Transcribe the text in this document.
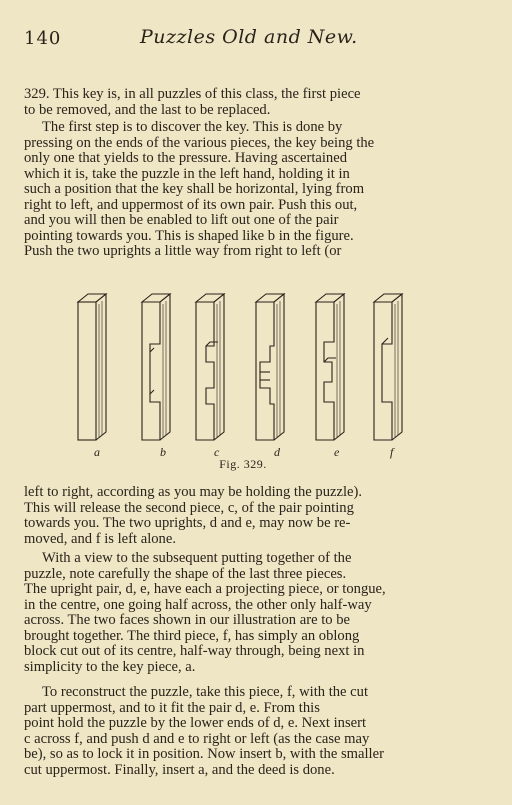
140	Puzzles Old and New.

329. This key is, in all puzzles of this class, the first piece
to be removed, and the last to be replaced.

The first step is to discover the key. This is done by
pressing on the ends of the various pieces, the key being the
only one that yields to the pressure. Having ascertained
which it is, take the puzzle in the left hand, holding it in
such a position that the key shall be horizontal, lying from
right to left, and uppermost of its own pair. Push this out,
and you will then be enabled to lift out one of the pair
pointing towards you. This is shaped like b in the figure.
Push the two uprights a little way from right to left (or

a	b	c	d	e	f
Fig. 329.

left to right, according as you may be holding the puzzle).
This will release the second piece, c, of the pair pointing
towards you. The two uprights, d and e, may now be re-
moved, and f is left alone.

With a view to the subsequent putting together of the
puzzle, note carefully the shape of the last three pieces.
The upright pair, d, e, have each a projecting piece, or tongue,
in the centre, one going half across, the other only half-way
across. The two faces shown in our illustration are to be
brought together. The third piece, f, has simply an oblong
block cut out of its centre, half-way through, being next in
simplicity to the key piece, a.

To reconstruct the puzzle, take this piece, f, with the cut
part uppermost, and to it fit the pair d, e. From this
point hold the puzzle by the lower ends of d, e. Next insert
c across f, and push d and e to right or left (as the case may
be), so as to lock it in position. Now insert b, with the smaller
cut uppermost. Finally, insert a, and the deed is done.
